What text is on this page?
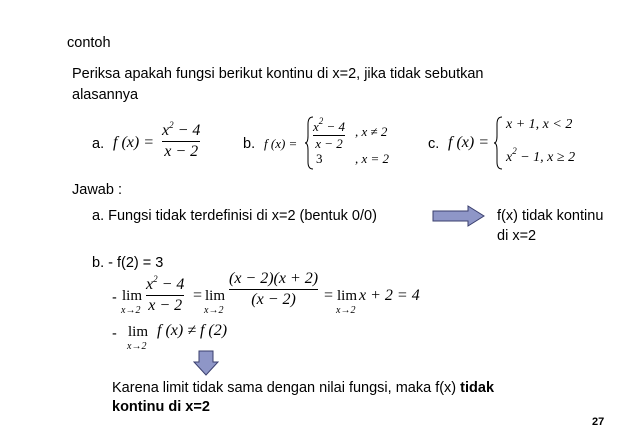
contoh
Periksa apakah fungsi berikut kontinu di x=2, jika tidak sebutkan
alasannya
a. f (x) =
$x^2 - 4$
x − 2	b. f (x) =
$x^2 - 4$
x − 2
, x ≠ 2
3	, x = 2
c. f (x) =
x + 1, x < 2
$x^2 - 1$, x ≥ 2
Jawab :
a. Fungsi tidak terdefinisi di x=2 (bentuk 0/0)	f(x) tidak kontinu
di x=2
b. - f(2) = 3
- lim
x→2
$x^2 - 4$
x − 2
= lim
x→2
(x − 2)(x + 2)
(x − 2) = lim
x→2
x + 2 = 4
- lim
x→2
f (x) ≠ f (2)
Karena limit tidak sama dengan nilai fungsi, maka f(x) tidak
kontinu di x=2
27
